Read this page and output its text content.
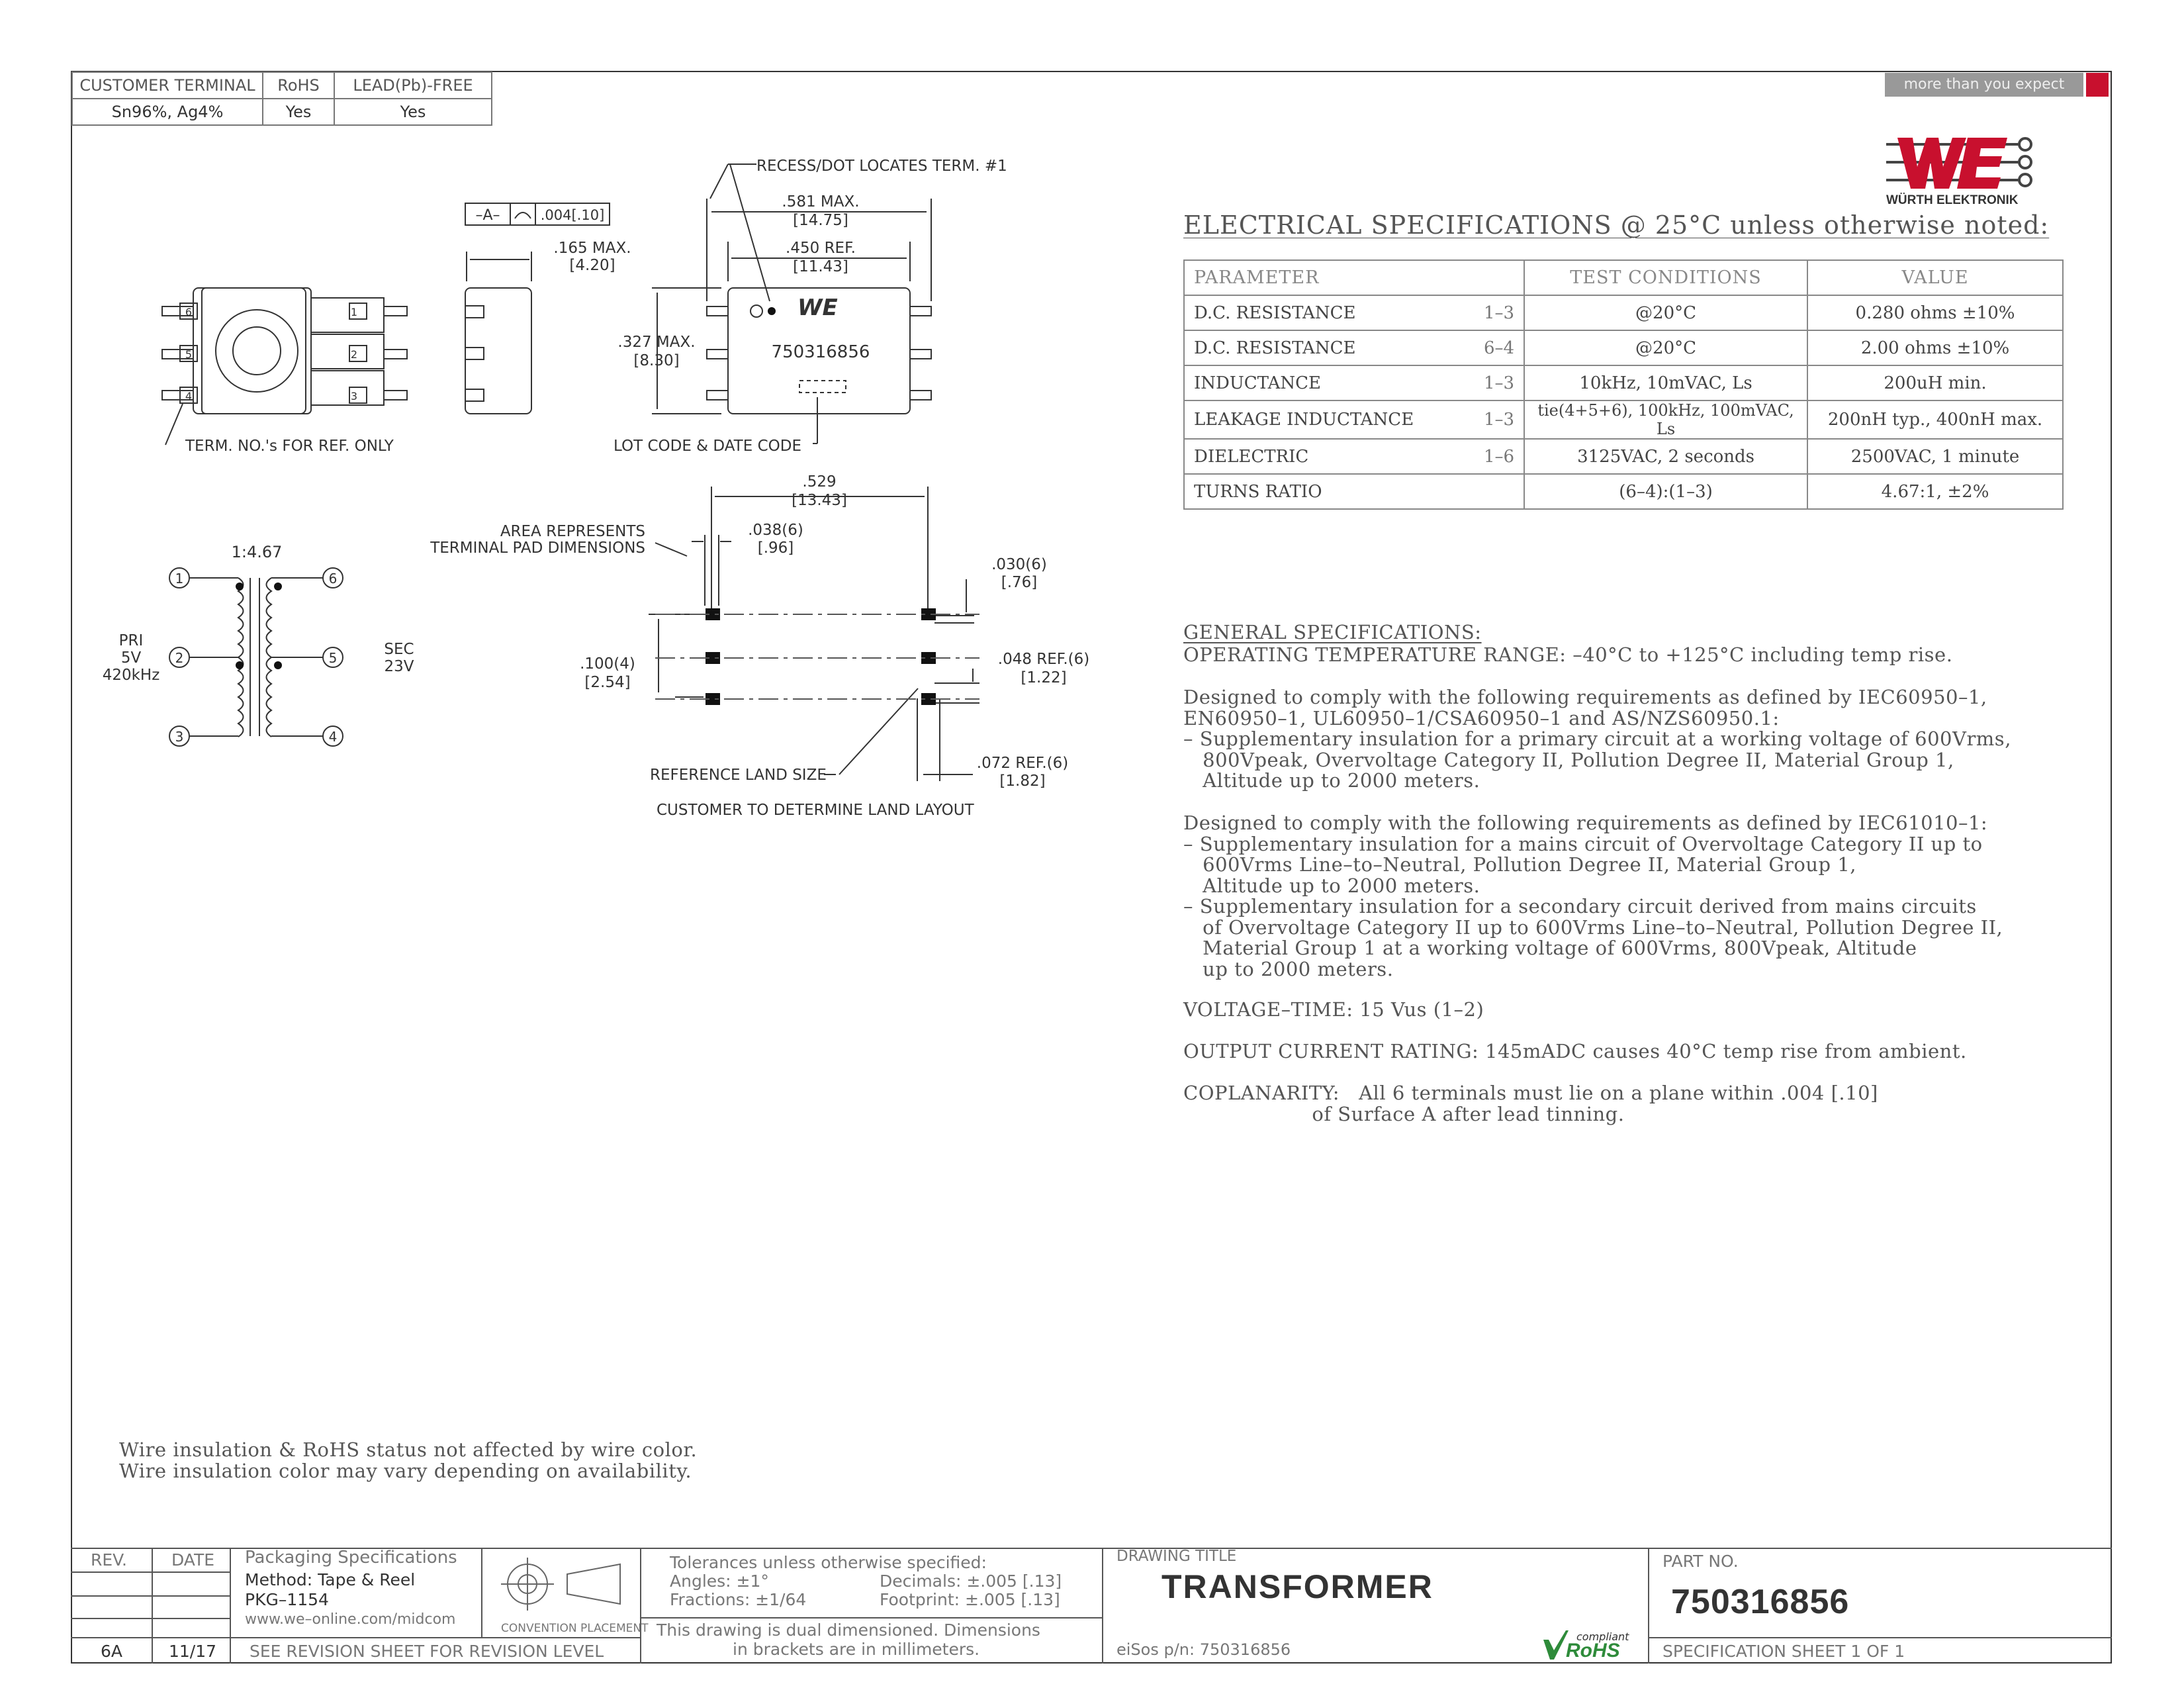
CUSTOMER TERMINAL	RoHS	LEAD(Pb)-FREE
Sn96%, Ag4%	Yes	Yes
more than you expect
WÜRTH ELEKTRONIK
ELECTRICAL SPECIFICATIONS @ 25°C unless otherwise noted:
PARAMETER		TEST CONDITIONS	VALUE
D.C. RESISTANCE	1–3	@20°C	0.280 ohms ±10%
D.C. RESISTANCE	6–4	@20°C	2.00 ohms ±10%
INDUCTANCE	1–3	10kHz, 10mVAC, Ls	200uH min.
LEAKAGE INDUCTANCE	1–3	tie(4+5+6), 100kHz, 100mVAC, Ls	200nH typ., 400nH max.
DIELECTRIC	1–6	3125VAC, 2 seconds	2500VAC, 1 minute
TURNS RATIO		(6–4):(1–3)	4.67:1, ±2%
GENERAL SPECIFICATIONS:
OPERATING TEMPERATURE RANGE: –40°C to +125°C including temp rise.
Designed to comply with the following requirements as defined by IEC60950–1,
EN60950–1, UL60950–1/CSA60950–1 and AS/NZS60950.1:
– Supplementary insulation for a primary circuit at a working voltage of 600Vrms,
800Vpeak, Overvoltage Category II, Pollution Degree II, Material Group 1,
Altitude up to 2000 meters.
Designed to comply with the following requirements as defined by IEC61010–1:
– Supplementary insulation for a mains circuit of Overvoltage Category II up to
600Vrms Line–to–Neutral, Pollution Degree II, Material Group 1,
Altitude up to 2000 meters.
– Supplementary insulation for a secondary circuit derived from mains circuits
of Overvoltage Category II up to 600Vrms Line–to–Neutral, Pollution Degree II,
Material Group 1 at a working voltage of 600Vrms, 800Vpeak, Altitude
up to 2000 meters.
VOLTAGE–TIME: 15 Vus (1–2)
OUTPUT CURRENT RATING: 145mADC causes 40°C temp rise from ambient.
COPLANARITY:   All 6 terminals must lie on a plane within .004 [.10]
of Surface A after lead tinning.
RECESS/DOT LOCATES TERM. #1
.581 MAX.
[14.75]
.450 REF.
[11.43]
–A–	.004[.10]
.165 MAX.
[4.20]
.327 MAX.
[8.30]	750316856
WE
TERM. NO.'s FOR REF. ONLY	LOT CODE & DATE CODE
1
2
3
6
5
4
1:4.67
PRI
5V
420kHz
SEC
23V
1
2
3
6
5
4
.529
[13.43]
AREA REPRESENTS
TERMINAL PAD DIMENSIONS
.038(6)
[.96]
.030(6)
[.76]
.100(4)
[2.54]
.048 REF.(6)
[1.22]
.072 REF.(6)
[1.82]
REFERENCE LAND SIZE
CUSTOMER TO DETERMINE LAND LAYOUT
Wire insulation & RoHS status not affected by wire color.
Wire insulation color may vary depending on availability.
REV.	DATE
6A	11/17
Packaging Specifications
Method: Tape & Reel
PKG–1154
www.we–online.com/midcom
CONVENTION PLACEMENT
SEE REVISION SHEET FOR REVISION LEVEL
Tolerances unless otherwise specified:
Angles: ±1°	Decimals: ±.005 [.13]
Fractions: ±1/64	Footprint: ±.005 [.13]
This drawing is dual dimensioned. Dimensions
in brackets are in millimeters.
DRAWING TITLE
TRANSFORMER
eiSos p/n: 750316856
compliant
RoHS
PART NO.
750316856
SPECIFICATION SHEET 1 OF 1
